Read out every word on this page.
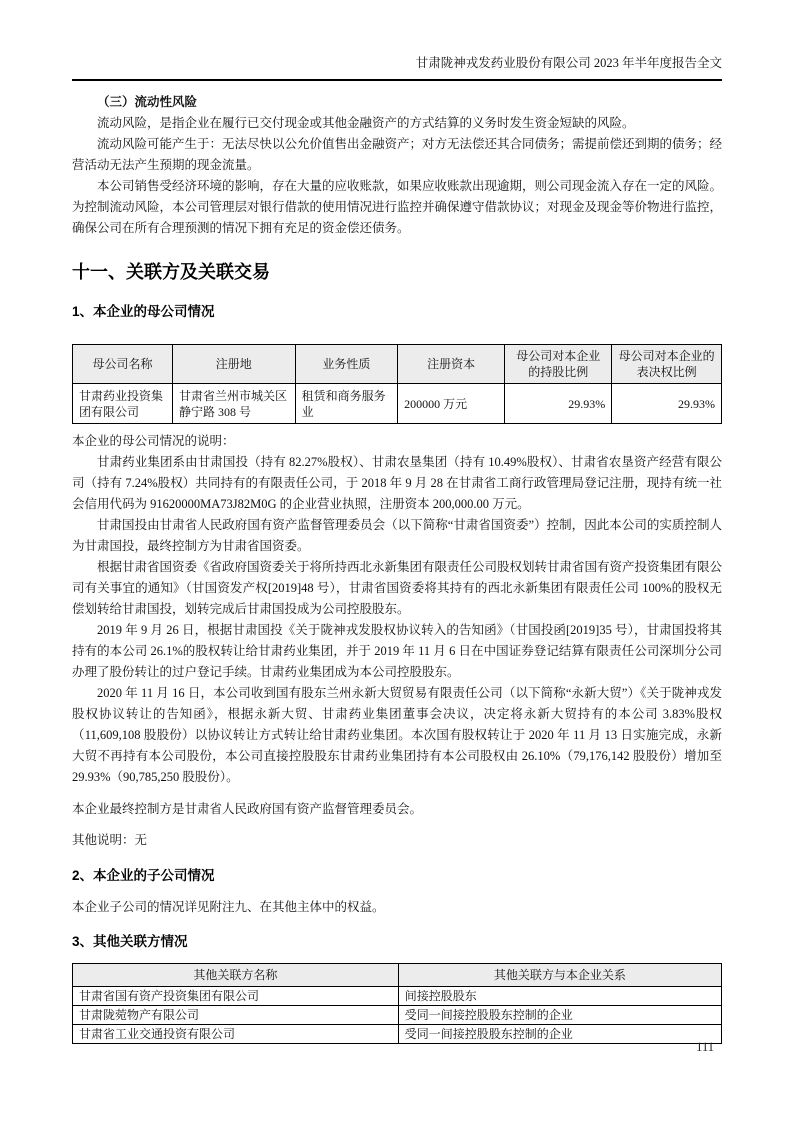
甘肃陇神戎发药业股份有限公司 2023 年半年度报告全文
（三）流动性风险

流动风险，是指企业在履行已交付现金或其他金融资产的方式结算的义务时发生资金短缺的风险。

流动风险可能产生于：无法尽快以公允价值售出金融资产；对方无法偿还其合同债务；需提前偿还到期的债务；经营活动无法产生预期的现金流量。

本公司销售受经济环境的影响，存在大量的应收账款，如果应收账款出现逾期，则公司现金流入存在一定的风险。为控制流动风险，本公司管理层对银行借款的使用情况进行监控并确保遵守借款协议；对现金及现金等价物进行监控，确保公司在所有合理预测的情况下拥有充足的资金偿还债务。

十一、关联方及关联交易
1、本企业的母公司情况
母公司名称	注册地	业务性质	注册资本	母公司对本企业的持股比例	母公司对本企业的表决权比例
甘肃药业投资集团有限公司	甘肃省兰州市城关区静宁路 308 号	租赁和商务服务业	200000 万元	29.93%	29.93%

本企业的母公司情况的说明：

甘肃药业集团系由甘肃国投（持有 82.27%股权）、甘肃农垦集团（持有 10.49%股权）、甘肃省农垦资产经营有限公司（持有 7.24%股权）共同持有的有限责任公司，于 2018 年 9 月 28 在甘肃省工商行政管理局登记注册，现持有统一社会信用代码为 91620000MA73J82M0G 的企业营业执照，注册资本 200,000.00 万元。

甘肃国投由甘肃省人民政府国有资产监督管理委员会（以下简称“甘肃省国资委”）控制，因此本公司的实质控制人为甘肃国投，最终控制方为甘肃省国资委。

根据甘肃省国资委《省政府国资委关于将所持西北永新集团有限责任公司股权划转甘肃省国有资产投资集团有限公司有关事宜的通知》（甘国资发产权[2019]48 号），甘肃省国资委将其持有的西北永新集团有限责任公司 100%的股权无偿划转给甘肃国投，划转完成后甘肃国投成为公司控股股东。

2019 年 9 月 26 日，根据甘肃国投《关于陇神戎发股权协议转入的告知函》（甘国投函[2019]35 号），甘肃国投将其持有的本公司 26.1%的股权转让给甘肃药业集团，并于 2019 年 11 月 6 日在中国证券登记结算有限责任公司深圳分公司办理了股份转让的过户登记手续。甘肃药业集团成为本公司控股股东。

2020 年 11 月 16 日，本公司收到国有股东兰州永新大贸贸易有限责任公司（以下简称“永新大贸”）《关于陇神戎发股权协议转让的告知函》，根据永新大贸、甘肃药业集团董事会决议，决定将永新大贸持有的本公司 3.83%股权（11,609,108 股股份）以协议转让方式转让给甘肃药业集团。本次国有股权转让于 2020 年 11 月 13 日实施完成，永新大贸不再持有本公司股份，本公司直接控股股东甘肃药业集团持有本公司股权由 26.10%（79,176,142 股股份）增加至 29.93%（90,785,250 股股份）。

本企业最终控制方是甘肃省人民政府国有资产监督管理委员会。

其他说明：无

2、本企业的子公司情况

本企业子公司的情况详见附注九、在其他主体中的权益。

3、其他关联方情况
其他关联方名称	其他关联方与本企业关系
甘肃省国有资产投资集团有限公司	间接控股股东
甘肃陇菀物产有限公司	受同一间接控股股东控制的企业
甘肃省工业交通投资有限公司	受同一间接控股股东控制的企业
111
